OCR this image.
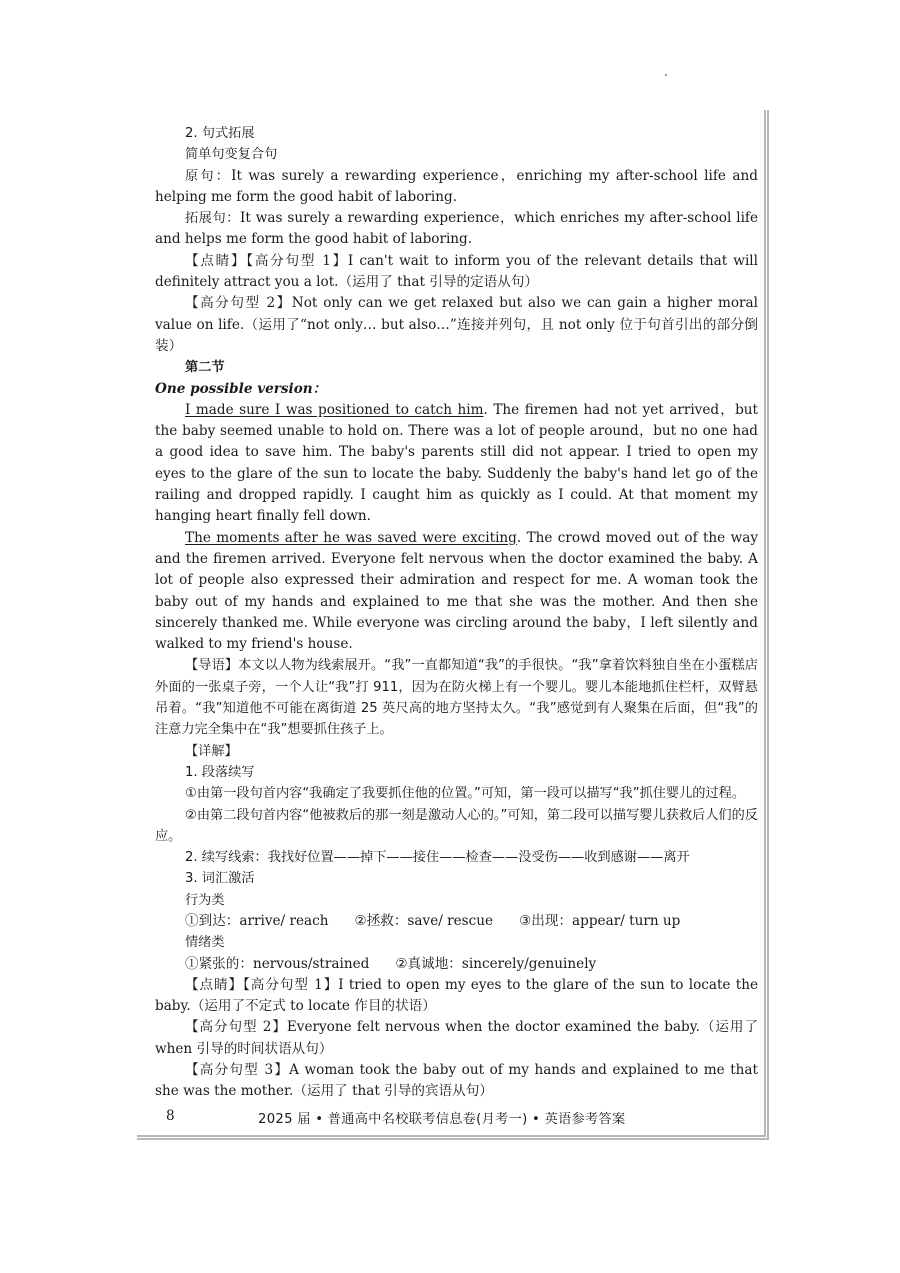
2. 句式拓展

简单句变复合句

原句：It was surely a rewarding experience，enriching my after-school life and helping me form the good habit of laboring.

拓展句：It was surely a rewarding experience，which enriches my after-school life and helps me form the good habit of laboring.

【点睛】【高分句型 1】I can't wait to inform you of the relevant details that will definitely attract you a lot.（运用了 that 引导的定语从句）

【高分句型 2】Not only can we get relaxed but also we can gain a higher moral value on life.（运用了“not only… but also…”连接并列句，且 not only 位于句首引出的部分倒装）

第二节

One possible version：

I made sure I was positioned to catch him. The firemen had not yet arrived，but the baby seemed unable to hold on. There was a lot of people around，but no one had a good idea to save him. The baby's parents still did not appear. I tried to open my eyes to the glare of the sun to locate the baby. Suddenly the baby's hand let go of the railing and dropped rapidly. I caught him as quickly as I could. At that moment my hanging heart finally fell down.

The moments after he was saved were exciting. The crowd moved out of the way and the firemen arrived. Everyone felt nervous when the doctor examined the baby. A lot of people also expressed their admiration and respect for me. A woman took the baby out of my hands and explained to me that she was the mother. And then she sincerely thanked me. While everyone was circling around the baby，I left silently and walked to my friend's house.

【导语】本文以人物为线索展开。“我”一直都知道“我”的手很快。“我”拿着饮料独自坐在小蛋糕店外面的一张桌子旁，一个人让“我”打 911，因为在防火梯上有一个婴儿。婴儿本能地抓住栏杆，双臂悬吊着。“我”知道他不可能在离街道 25 英尺高的地方坚持太久。“我”感觉到有人聚集在后面，但“我”的注意力完全集中在“我”想要抓住孩子上。

【详解】

1. 段落续写

①由第一段句首内容“我确定了我要抓住他的位置。”可知，第一段可以描写“我”抓住婴儿的过程。

②由第二段句首内容“他被救后的那一刻是激动人心的。”可知，第二段可以描写婴儿获救后人们的反应。

2. 续写线索：我找好位置——掉下——接住——检查——没受伤——收到感谢——离开

3. 词汇激活

行为类

①到达：arrive/ reach ②拯救：save/ rescue ③出现：appear/ turn up

情绪类

①紧张的：nervous/strained ②真诚地：sincerely/genuinely

【点睛】【高分句型 1】I tried to open my eyes to the glare of the sun to locate the baby.（运用了不定式 to locate 作目的状语）

【高分句型 2】Everyone felt nervous when the doctor examined the baby.（运用了 when 引导的时间状语从句）

【高分句型 3】A woman took the baby out of my hands and explained to me that she was the mother.（运用了 that 引导的宾语从句）

8	2025 届 • 普通高中名校联考信息卷(月考一) • 英语参考答案
